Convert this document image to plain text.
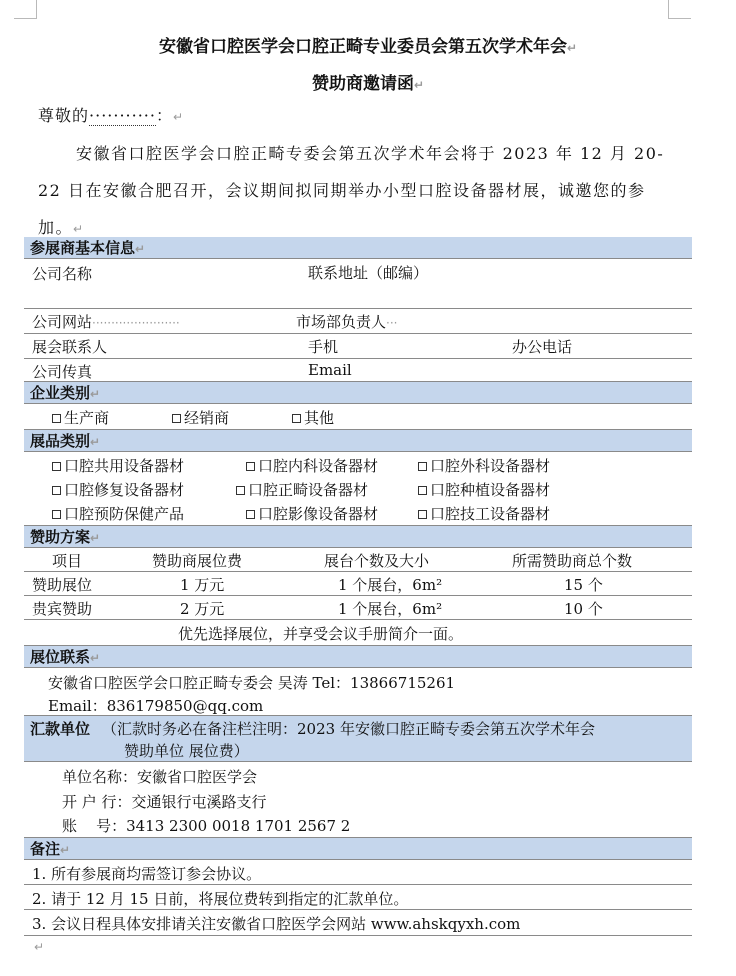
安徽省口腔医学会口腔正畸专业委员会第五次学术年会↵
赞助商邀请函↵
尊敬的···········：↵
安徽省口腔医学会口腔正畸专委会第五次学术年会将于 2023 年 12 月 20-22 日在安徽合肥召开，会议期间拟同期举办小型口腔设备器材展，诚邀您的参加。↵
参展商基本信息↵
公司名称	联系地址（邮编）
公司网站·······················	市场部负责人···
展会联系人	手机	办公电话
公司传真	Email
企业类别↵
生产商	经销商	其他
展品类别↵
口腔共用设备器材	口腔内科设备器材	口腔外科设备器材
口腔修复设备器材	口腔正畸设备器材	口腔种植设备器材
口腔预防保健产品	口腔影像设备器材	口腔技工设备器材
赞助方案↵
项目	赞助商展位费	展台个数及大小	所需赞助商总个数
赞助展位	1 万元	1 个展台，6m²	15 个
贵宾赞助	2 万元	1 个展台，6m²	10 个
优先选择展位，并享受会议手册简介一面。
展位联系↵
安徽省口腔医学会口腔正畸专委会 吴涛 Tel：13866715261
Email：836179850@qq.com
汇款单位 （汇款时务必在备注栏注明：2023 年安徽口腔正畸专委会第五次学术年会
赞助单位 展位费）
单位名称：安徽省口腔医学会
开 户 行：交通银行屯溪路支行
账    号：3413 2300 0018 1701 2567 2
备注↵
1. 所有参展商均需签订参会协议。
2. 请于 12 月 15 日前，将展位费转到指定的汇款单位。
3. 会议日程具体安排请关注安徽省口腔医学会网站 www.ahskqyxh.com
↵
